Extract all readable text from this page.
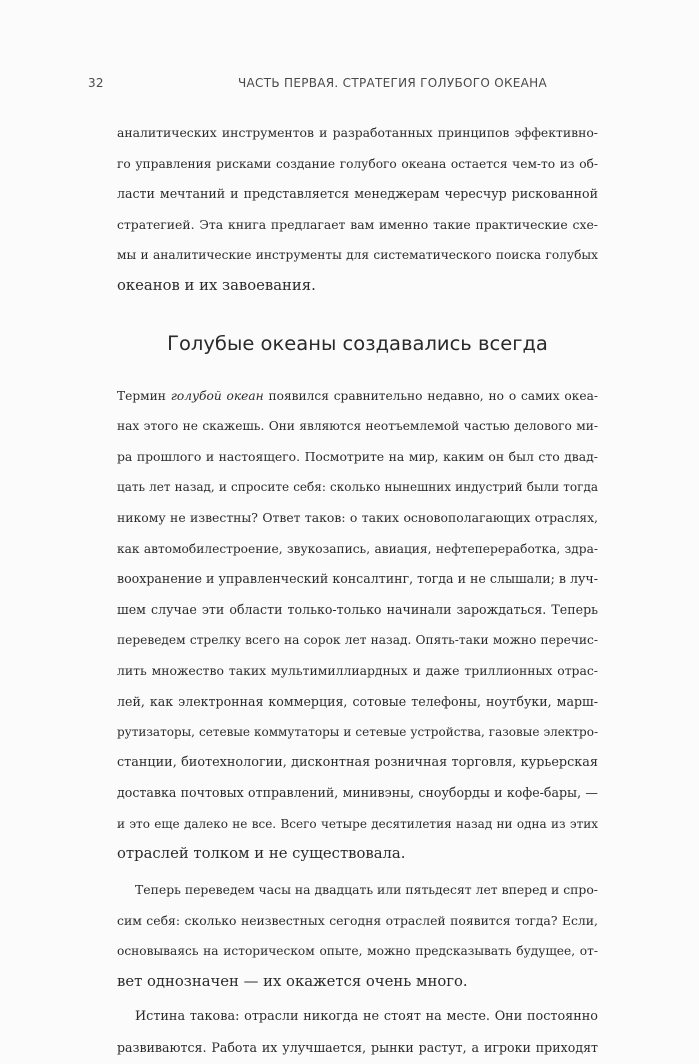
32	ЧАСТЬ ПЕРВАЯ. СТРАТЕГИЯ ГОЛУБОГО ОКЕАНА
аналитических инструментов и разработанных принципов эффективно-
го управления рисками создание голубого океана остается чем-то из об-
ласти мечтаний и представляется менеджерам чересчур рискованной
стратегией. Эта книга предлагает вам именно такие практические схе-
мы и аналитические инструменты для систематического поиска голубых
океанов и их завоевания.
Голубые океаны создавались всегда
Термин голубой океан появился сравнительно недавно, но о самих океа-
нах этого не скажешь. Они являются неотъемлемой частью делового ми-
ра прошлого и настоящего. Посмотрите на мир, каким он был сто двад-
цать лет назад, и спросите себя: сколько нынешних индустрий были тогда
никому не известны? Ответ таков: о таких основополагающих отраслях,
как автомобилестроение, звукозапись, авиация, нефтепереработка, здра-
воохранение и управленческий консалтинг, тогда и не слышали; в луч-
шем случае эти области только-только начинали зарождаться. Теперь
переведем стрелку всего на сорок лет назад. Опять-таки можно перечис-
лить множество таких мультимиллиардных и даже триллионных отрас-
лей, как электронная коммерция, сотовые телефоны, ноутбуки, марш-
рутизаторы, сетевые коммутаторы и сетевые устройства, газовые электро-
станции, биотехнологии, дисконтная розничная торговля, курьерская
доставка почтовых отправлений, минивэны, сноуборды и кофе-бары, —
и это еще далеко не все. Всего четыре десятилетия назад ни одна из этих
отраслей толком и не существовала.
Теперь переведем часы на двадцать или пятьдесят лет вперед и спро-
сим себя: сколько неизвестных сегодня отраслей появится тогда? Если,
основываясь на историческом опыте, можно предсказывать будущее, от-
вет однозначен — их окажется очень много.
Истина такова: отрасли никогда не стоят на месте. Они постоянно
развиваются. Работа их улучшается, рынки растут, а игроки приходят
